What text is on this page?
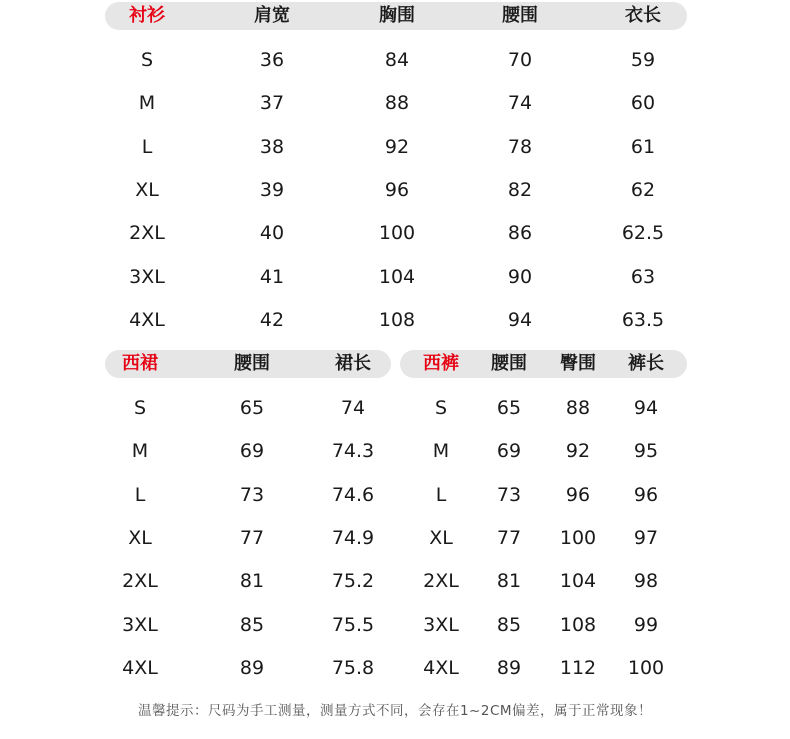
衬衫	肩宽	胸围	腰围	衣长
S	36	84	70	59
M	37	88	74	60
L	38	92	78	61
XL	39	96	82	62
2XL	40	100	86	62.5
3XL	41	104	90	63
4XL	42	108	94	63.5
西裙	腰围	裙长
S	65	74
M	69	74.3
L	73	74.6
XL	77	74.9
2XL	81	75.2
3XL	85	75.5
4XL	89	75.8
西裤 腰围 臀围 裤长
S	65 88 94
M	69 92 95
L	73 96 96
XL 77 100 97
2XL 81 104 98
3XL 85 108 99
4XL 89 112 100
温馨提示：尺码为手工测量，测量方式不同，会存在1~2CM偏差，属于正常现象！
